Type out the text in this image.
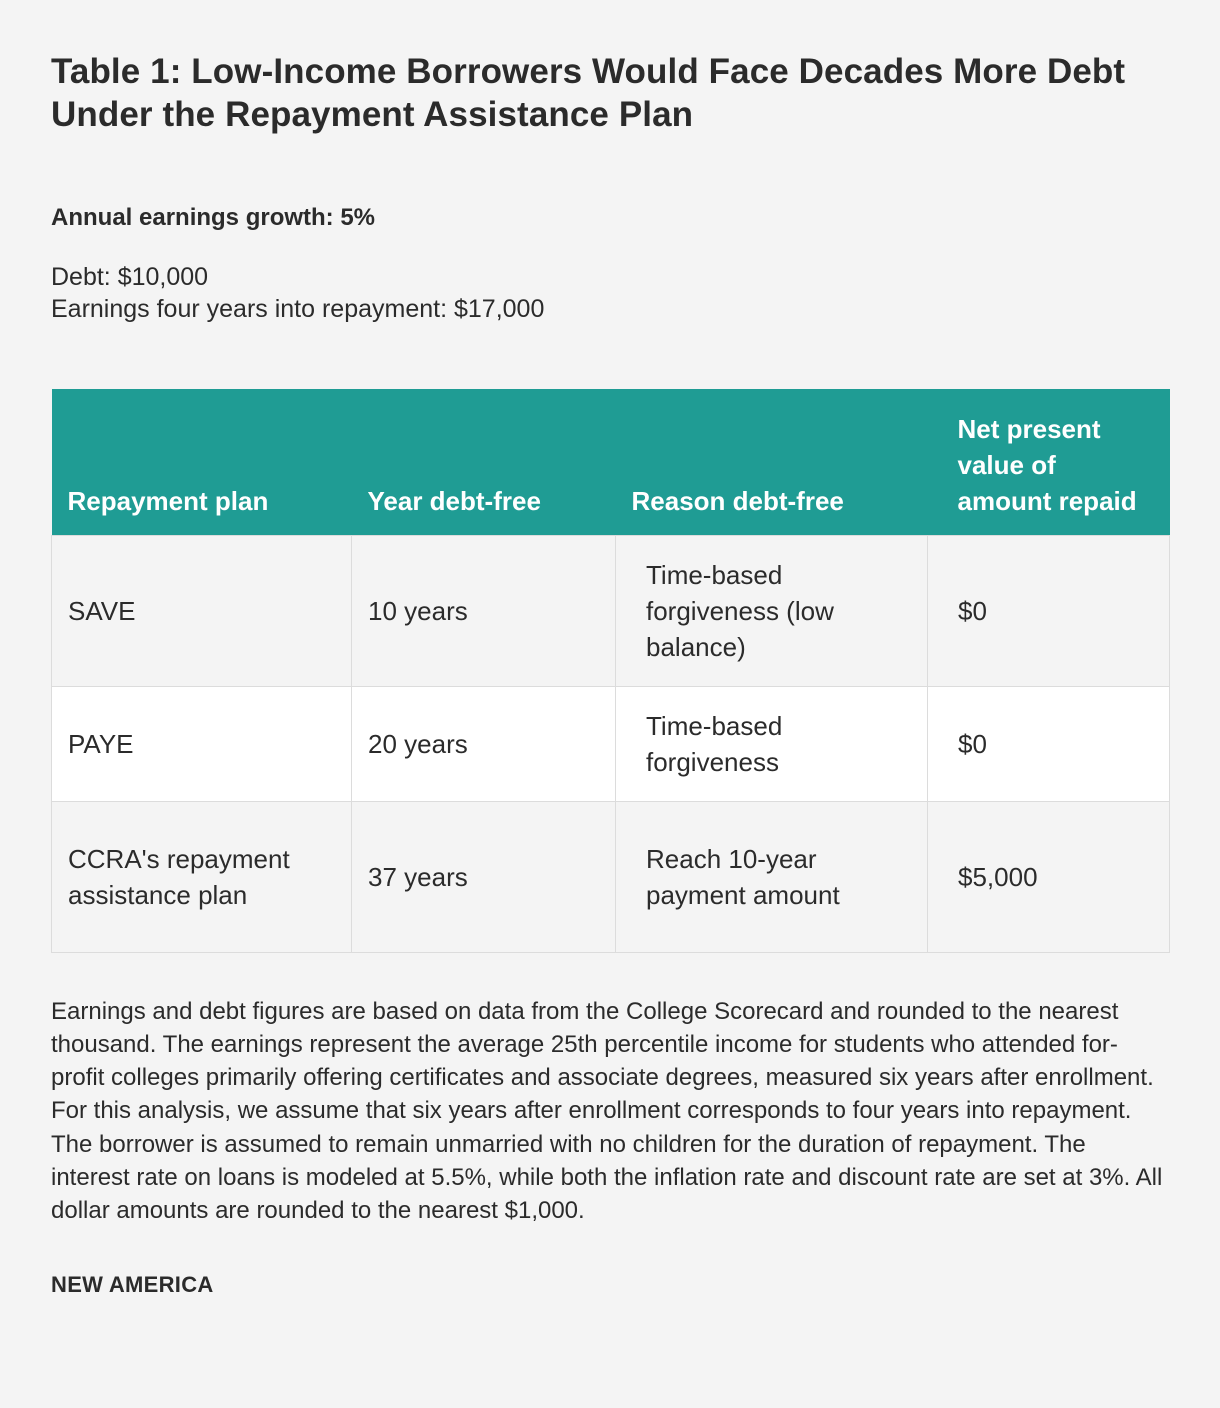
Table 1: Low-Income Borrowers Would Face Decades More Debt Under the Repayment Assistance Plan
Annual earnings growth: 5%
Debt: $10,000
Earnings four years into repayment: $17,000
Repayment plan	Year debt-free	Reason debt-free	Net present value of amount repaid
SAVE	10 years	Time-based forgiveness (low balance)	$0
PAYE	20 years	Time-based forgiveness	$0
CCRA's repayment assistance plan	37 years	Reach 10-year payment amount	$5,000

Earnings and debt figures are based on data from the College Scorecard and rounded to the nearest thousand. The earnings represent the average 25th percentile income for students who attended for-profit colleges primarily offering certificates and associate degrees, measured six years after enrollment. For this analysis, we assume that six years after enrollment corresponds to four years into repayment. The borrower is assumed to remain unmarried with no children for the duration of repayment. The interest rate on loans is modeled at 5.5%, while both the inflation rate and discount rate are set at 3%. All dollar amounts are rounded to the nearest $1,000.

NEW AMERICA
